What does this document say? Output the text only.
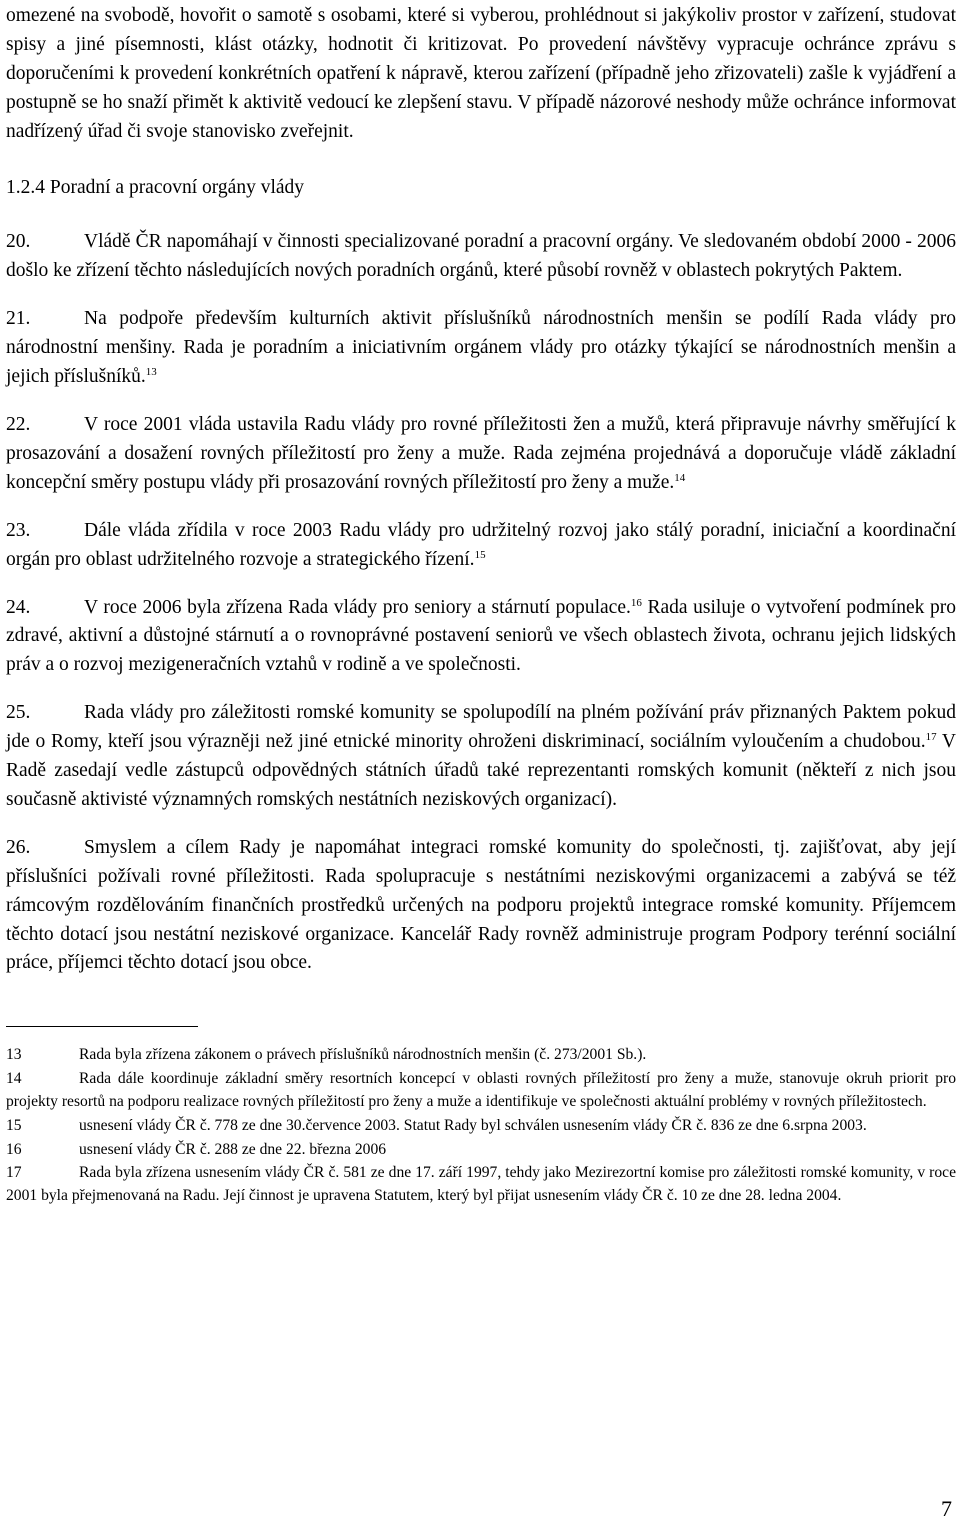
omezené na svobodě, hovořit o samotě s osobami, které si vyberou, prohlédnout si jakýkoliv prostor v zařízení, studovat spisy a jiné písemnosti, klást otázky, hodnotit či kritizovat. Po provedení návštěvy vypracuje ochránce zprávu s doporučeními k provedení konkrétních opatření k nápravě, kterou zařízení (případně jeho zřizovateli) zašle k vyjádření a postupně se ho snaží přimět k aktivitě vedoucí ke zlepšení stavu. V případě názorové neshody může ochránce informovat nadřízený úřad či svoje stanovisko zveřejnit.

1.2.4 Poradní a pracovní orgány vlády

20.	Vládě ČR napomáhají v činnosti specializované poradní a pracovní orgány. Ve sledovaném období 2000 - 2006 došlo ke zřízení těchto následujících nových poradních orgánů, které působí rovněž v oblastech pokrytých Paktem.

21.	Na podpoře především kulturních aktivit příslušníků národnostních menšin se podílí Rada vlády pro národnostní menšiny. Rada je poradním a iniciativním orgánem vlády pro otázky týkající se národnostních menšin a jejich příslušníků.$^{13}$

22.	V roce 2001 vláda ustavila Radu vlády pro rovné příležitosti žen a mužů, která připravuje návrhy směřující k prosazování a dosažení rovných příležitostí pro ženy a muže. Rada zejména projednává a doporučuje vládě základní koncepční směry postupu vlády při prosazování rovných příležitostí pro ženy a muže.$^{14}$

23.	Dále vláda zřídila v roce 2003 Radu vlády pro udržitelný rozvoj jako stálý poradní, iniciační a koordinační orgán pro oblast udržitelného rozvoje a strategického řízení.$^{15}$

24.	V roce 2006 byla zřízena Rada vlády pro seniory a stárnutí populace.$^{16}$ Rada usiluje o vytvoření podmínek pro zdravé, aktivní a důstojné stárnutí a o rovnoprávné postavení seniorů ve všech oblastech života, ochranu jejich lidských práv a o rozvoj mezigeneračních vztahů v rodině a ve společnosti.

25.	Rada vlády pro záležitosti romské komunity se spolupodílí na plném požívání práv přiznaných Paktem pokud jde o Romy, kteří jsou výrazněji než jiné etnické minority ohroženi diskriminací, sociálním vyloučením a chudobou.$^{17}$ V Radě zasedají vedle zástupců odpovědných státních úřadů také reprezentanti romských komunit (někteří z nich jsou současně aktivisté významných romských nestátních neziskových organizací).

26.	Smyslem a cílem Rady je napomáhat integraci romské komunity do společnosti, tj. zajišťovat, aby její příslušníci požívali rovné příležitosti. Rada spolupracuje s nestátními neziskovými organizacemi a zabývá se též rámcovým rozdělováním finančních prostředků určených na podporu projektů integrace romské komunity. Příjemcem těchto dotací jsou nestátní neziskové organizace. Kancelář Rady rovněž administruje program Podpory terénní sociální práce, příjemci těchto dotací jsou obce.

13	Rada byla zřízena zákonem o právech příslušníků národnostních menšin (č. 273/2001 Sb.).

14	Rada dále koordinuje základní směry resortních koncepcí v oblasti rovných příležitostí pro ženy a muže, stanovuje okruh priorit pro projekty resortů na podporu realizace rovných příležitostí pro ženy a muže a identifikuje ve společnosti aktuální problémy v rovných příležitostech.

15	usnesení vlády ČR č. 778 ze dne 30.července 2003. Statut Rady byl schválen usnesením vlády ČR č. 836 ze dne 6.srpna 2003.

16	usnesení vlády ČR č. 288 ze dne 22. března 2006

17	Rada byla zřízena usnesením vlády ČR č. 581 ze dne 17. září 1997, tehdy jako Mezirezortní komise pro záležitosti romské komunity, v roce 2001 byla přejmenovaná na Radu. Její činnost je upravena Statutem, který byl přijat usnesením vlády ČR č. 10 ze dne 28. ledna 2004.

7
